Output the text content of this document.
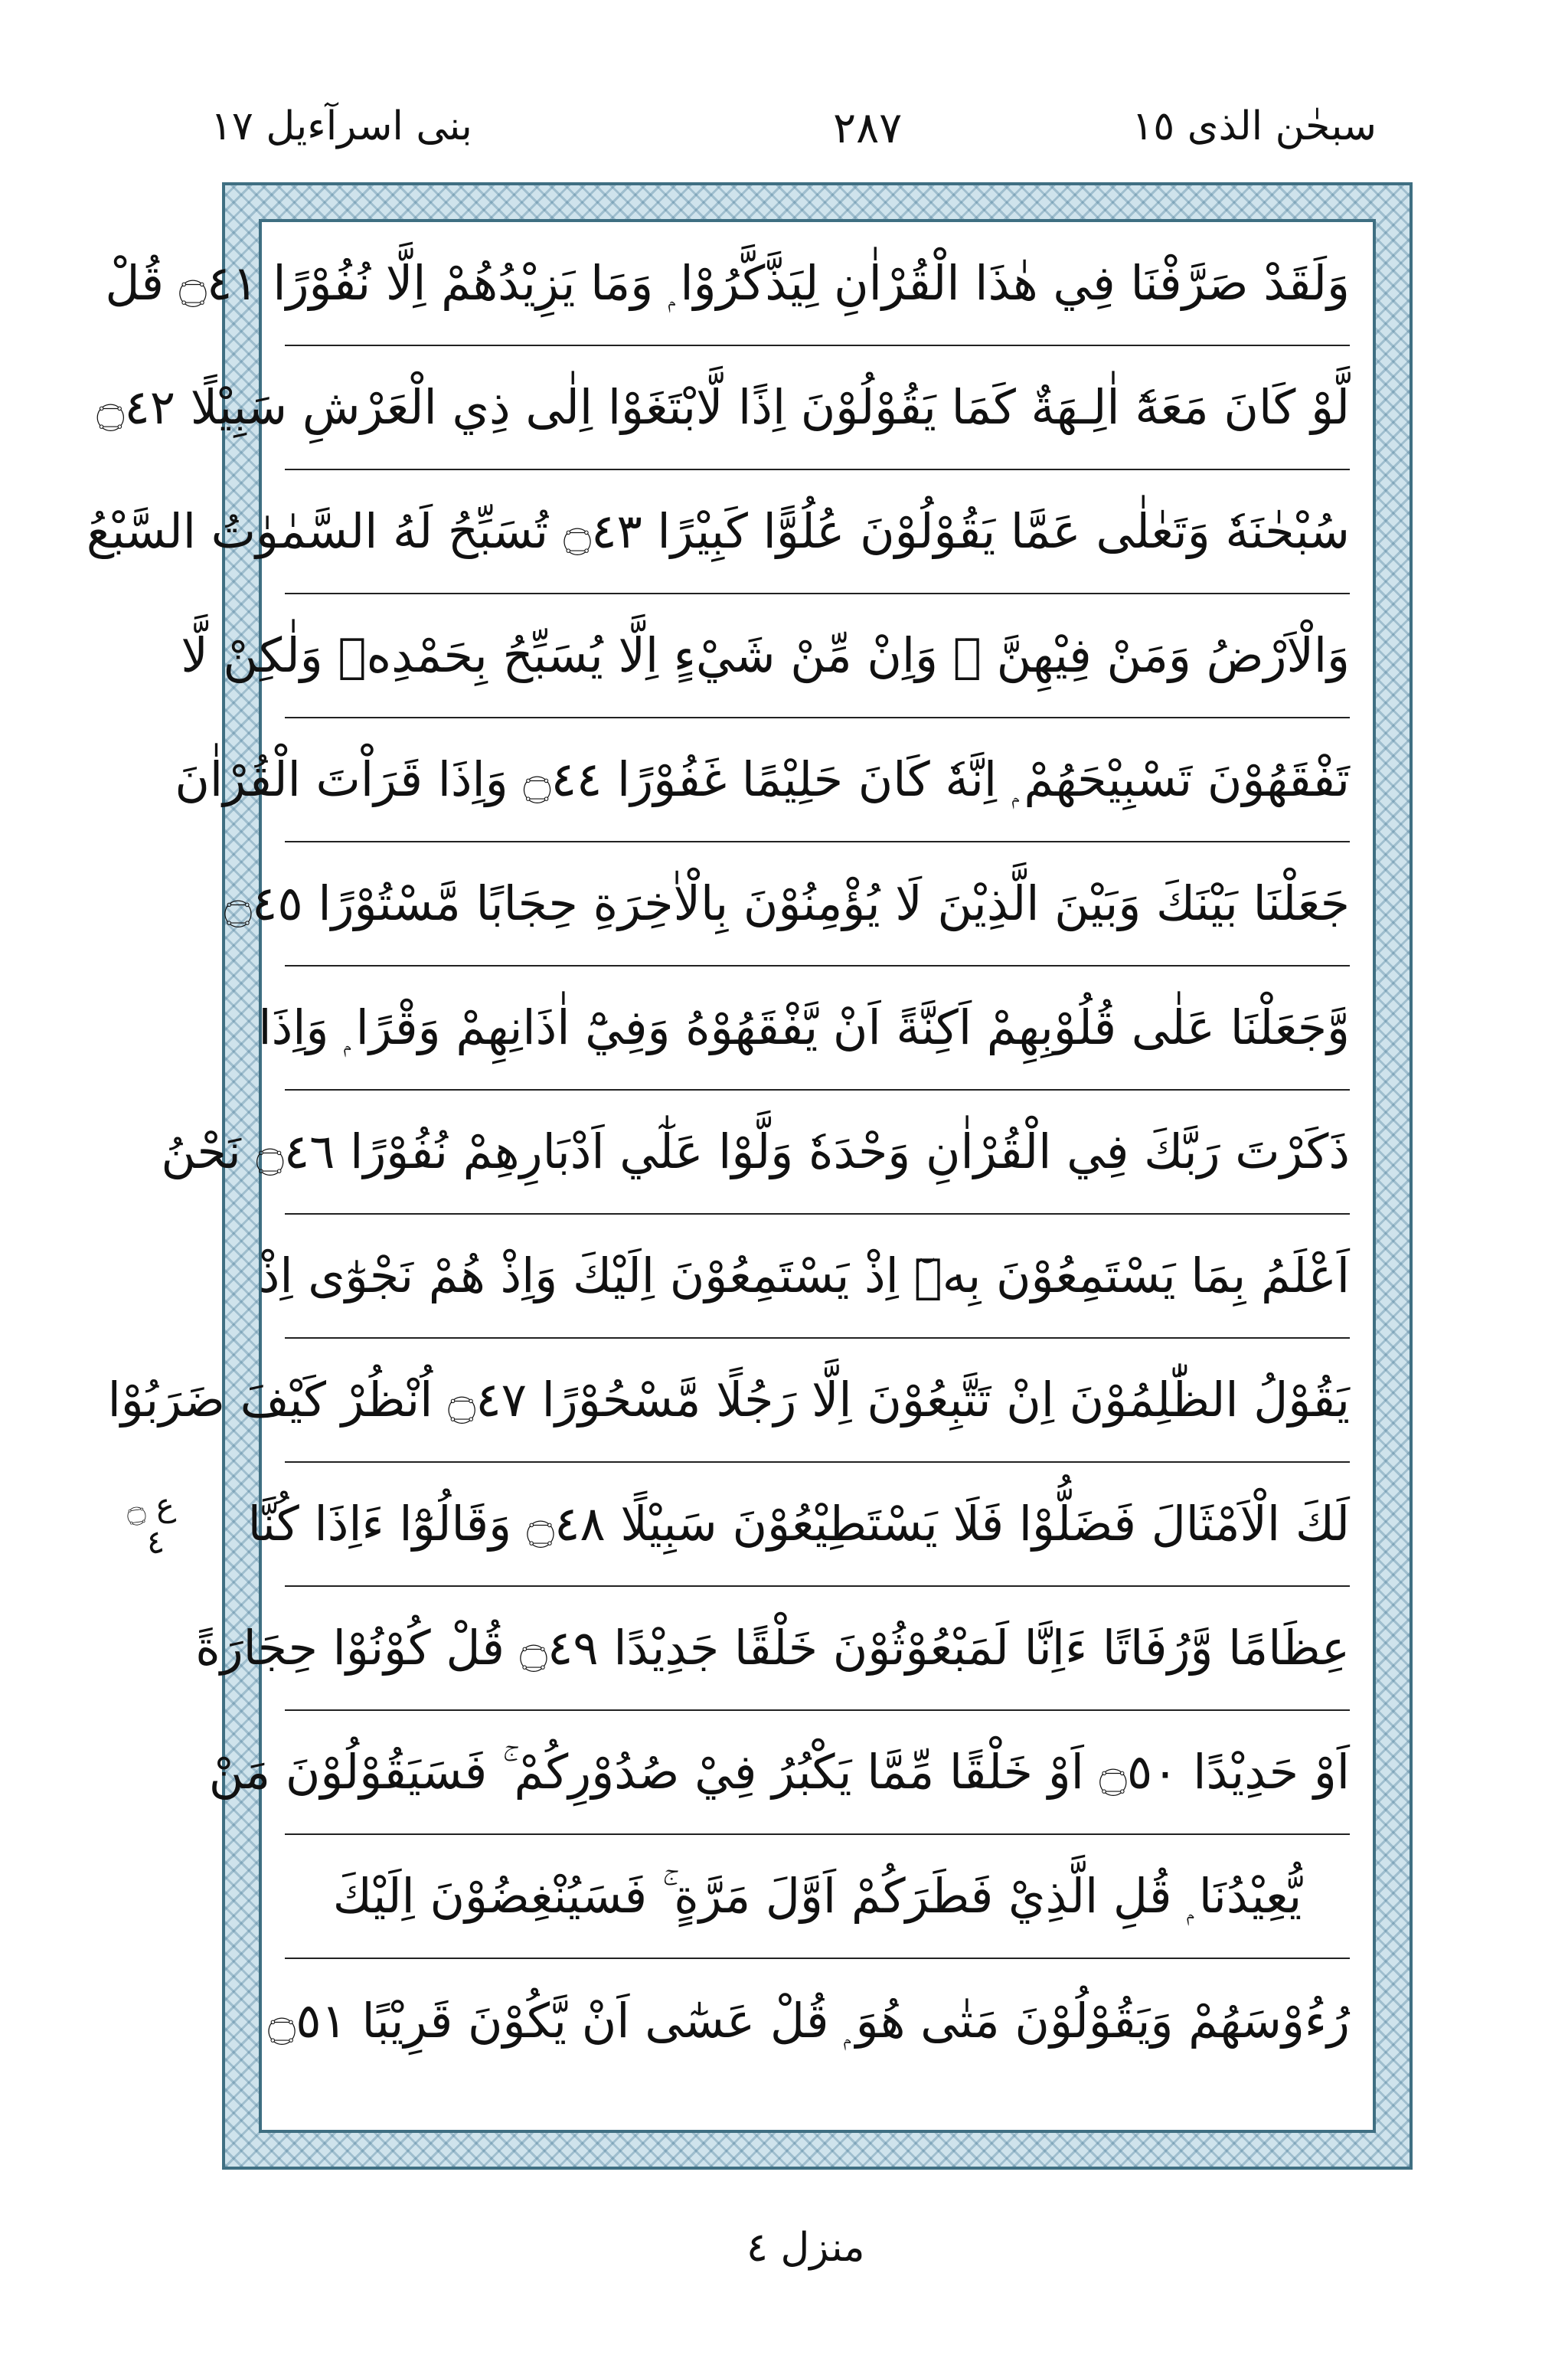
بنی اسرآءیل ١٧	٢٨٧	سبحٰن الذی ١٥
ع ۝ ٤
وَلَقَدْ صَرَّفْنَا فِي هٰذَا الْقُرْاٰنِ لِيَذَّكَّرُوْا ۭ وَمَا يَزِيْدُهُمْ اِلَّا نُفُوْرًا ۝٤١ قُلْ
لَّوْ كَانَ مَعَهٗٓ اٰلِـهَةٌ كَمَا يَقُوْلُوْنَ اِذًا لَّابْتَغَوْا اِلٰى ذِي الْعَرْشِ سَبِيْلًا ۝٤٢
سُبْحٰنَهٗ وَتَعٰلٰى عَمَّا يَقُوْلُوْنَ عُلُوًّا كَبِيْرًا ۝٤٣ تُسَبِّحُ لَهُ السَّمٰوٰتُ السَّبْعُ
وَالْاَرْضُ وَمَنْ فِيْهِنَّ ۭ وَاِنْ مِّنْ شَيْءٍ اِلَّا يُسَبِّحُ بِحَمْدِهٖ وَلٰكِنْ لَّا
تَفْقَهُوْنَ تَسْبِيْحَهُمْ ۭ اِنَّهٗ كَانَ حَلِيْمًا غَفُوْرًا ۝٤٤ وَاِذَا قَرَاْتَ الْقُرْاٰنَ
جَعَلْنَا بَيْنَكَ وَبَيْنَ الَّذِيْنَ لَا يُؤْمِنُوْنَ بِالْاٰخِرَةِ حِجَابًا مَّسْتُوْرًا ۝٤٥
وَّجَعَلْنَا عَلٰى قُلُوْبِهِمْ اَكِنَّةً اَنْ يَّفْقَهُوْهُ وَفِيْٓ اٰذَانِهِمْ وَقْرًا ۭ وَاِذَا
ذَكَرْتَ رَبَّكَ فِي الْقُرْاٰنِ وَحْدَهٗ وَلَّوْا عَلٰٓي اَدْبَارِهِمْ نُفُوْرًا ۝٤٦ نَحْنُ
اَعْلَمُ بِمَا يَسْتَمِعُوْنَ بِهٖٓ اِذْ يَسْتَمِعُوْنَ اِلَيْكَ وَاِذْ هُمْ نَجْوٰٓى اِذْ
يَقُوْلُ الظّٰلِمُوْنَ اِنْ تَتَّبِعُوْنَ اِلَّا رَجُلًا مَّسْحُوْرًا ۝٤٧ اُنْظُرْ كَيْفَ ضَرَبُوْا
لَكَ الْاَمْثَالَ فَضَلُّوْا فَلَا يَسْتَطِيْعُوْنَ سَبِيْلًا ۝٤٨ وَقَالُوْٓا ءَاِذَا كُنَّا
عِظَامًا وَّرُفَاتًا ءَاِنَّا لَمَبْعُوْثُوْنَ خَلْقًا جَدِيْدًا ۝٤٩ قُلْ كُوْنُوْا حِجَارَةً
اَوْ حَدِيْدًا ۝٥٠ اَوْ خَلْقًا مِّمَّا يَكْبُرُ فِيْ صُدُوْرِكُمْ ۚ فَسَيَقُوْلُوْنَ مَنْ
يُّعِيْدُنَا ۭ قُلِ الَّذِيْ فَطَرَكُمْ اَوَّلَ مَرَّةٍ ۚ فَسَيُنْغِضُوْنَ اِلَيْكَ
رُءُوْسَهُمْ وَيَقُوْلُوْنَ مَتٰى هُوَ ۭ قُلْ عَسٰٓى اَنْ يَّكُوْنَ قَرِيْبًا ۝٥١
منزل ٤
